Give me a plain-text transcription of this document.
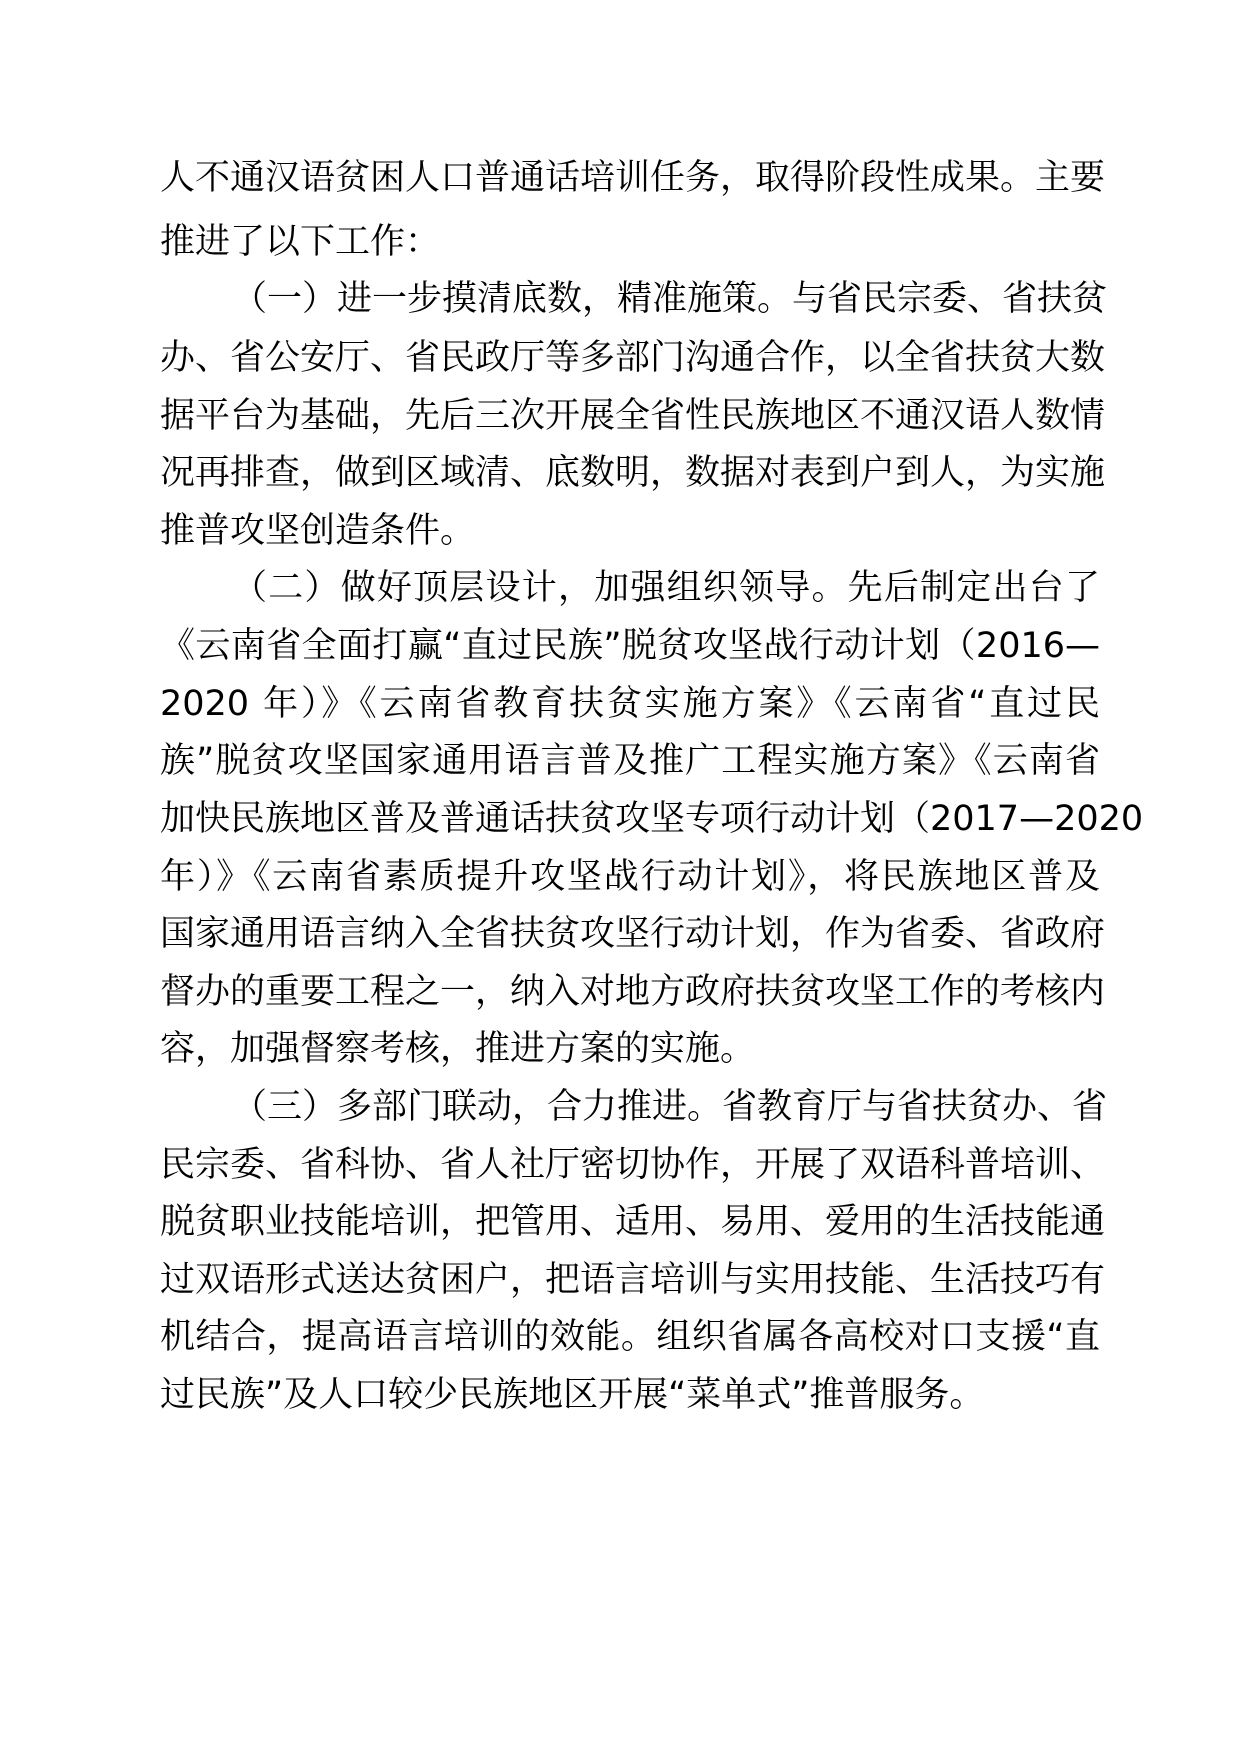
人不通汉语贫困人口普通话培训任务，取得阶段性成果。主要
推进了以下工作：
（一）进一步摸清底数，精准施策。与省民宗委、省扶贫
办、省公安厅、省民政厅等多部门沟通合作，以全省扶贫大数
据平台为基础，先后三次开展全省性民族地区不通汉语人数情
况再排查，做到区域清、底数明，数据对表到户到人，为实施
推普攻坚创造条件。
（二）做好顶层设计，加强组织领导。先后制定出台了
《云南省全面打赢“直过民族”脱贫攻坚战行动计划（2016—
2020 年）》《云南省教育扶贫实施方案》《云南省“直过民
族”脱贫攻坚国家通用语言普及推广工程实施方案》《云南省
加快民族地区普及普通话扶贫攻坚专项行动计划（2017—2020
年）》《云南省素质提升攻坚战行动计划》，将民族地区普及
国家通用语言纳入全省扶贫攻坚行动计划，作为省委、省政府
督办的重要工程之一，纳入对地方政府扶贫攻坚工作的考核内
容，加强督察考核，推进方案的实施。
（三）多部门联动，合力推进。省教育厅与省扶贫办、省
民宗委、省科协、省人社厅密切协作，开展了双语科普培训、
脱贫职业技能培训，把管用、适用、易用、爱用的生活技能通
过双语形式送达贫困户，把语言培训与实用技能、生活技巧有
机结合，提高语言培训的效能。组织省属各高校对口支援“直
过民族”及人口较少民族地区开展“菜单式”推普服务。
